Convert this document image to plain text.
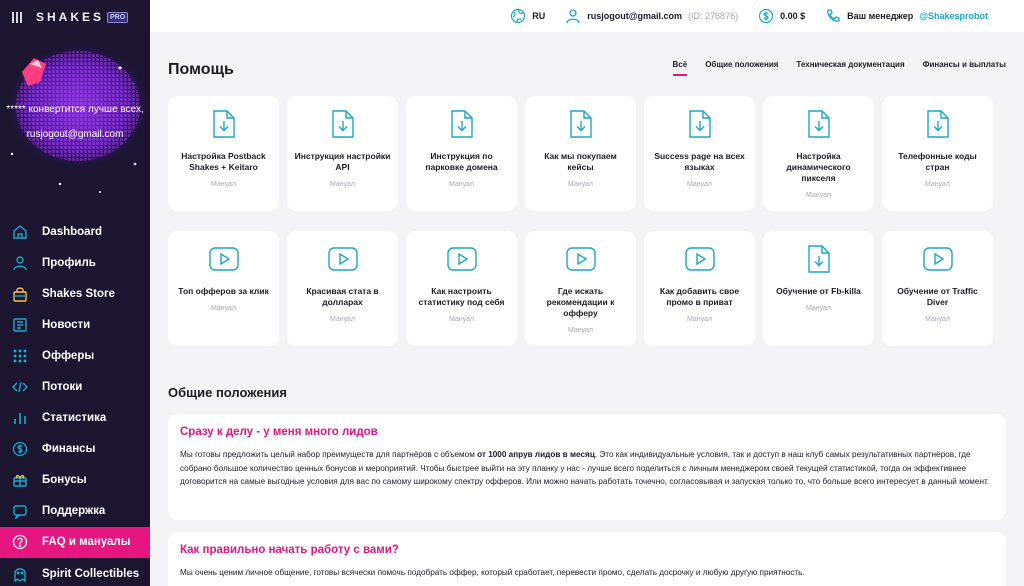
SHAKES PRO
***** конвертится лучше всех,
rusjogout@gmail.com
Dashboard
Профиль
Shakes Store
Новости
Офферы
Потоки
Статистика
Финансы
Бонусы
Поддержка
FAQ и мануалы
Spirit Collectibles
RU	rusjogout@gmail.com (ID: 276876)	0.00 $	Ваш менеджер @Shakesprobot
Помощь	Всё Общие положения Техническая документация Финансы и выплаты
Настройка Postback Shakes + Keitaro
Мануал
Инструкция настройки API
Мануал
Инструкция по парковке домена
Мануал
Как мы покупаем кейсы
Мануал
Success page на всех языках
Мануал
Настройка динамического пикселя
Мануал
Телефонные коды стран
Мануал
Топ офферов за клик
Мануал
Красивая стата в долларах
Мануал
Как настроить статистику под себя
Мануал
Где искать рекомендации к офферу
Мануал
Как добавить свое промо в приват
Мануал
Обучение от Fb-killa
Мануал
Обучение от Traffic Diver
Мануал
Общие положения
Сразу к делу - у меня много лидов

Мы готовы предложить целый набор преимуществ для партнёров с объемом от 1000 апрув лидов в месяц. Это как индивидуальные условия, так и доступ в наш клуб самых результативных партнёров, где собрано большое количество ценных бонусов и мероприятий. Чтобы быстрее выйти на эту планку у нас - лучше всего поделиться с личным менеджером своей текущей статистикой, тогда он эффективнее договорится на самые выгодные условия для вас по самому широкому спектру офферов. Или можно начать работать точечно, согласовывая и запуская только то, что больше всего интересует в данный момент.

Как правильно начать работу с вами?

Мы очень ценим личное общение, готовы всячески помочь подобрать оффер, который сработает, перевести промо, сделать досрочку и любую другую приятность.
